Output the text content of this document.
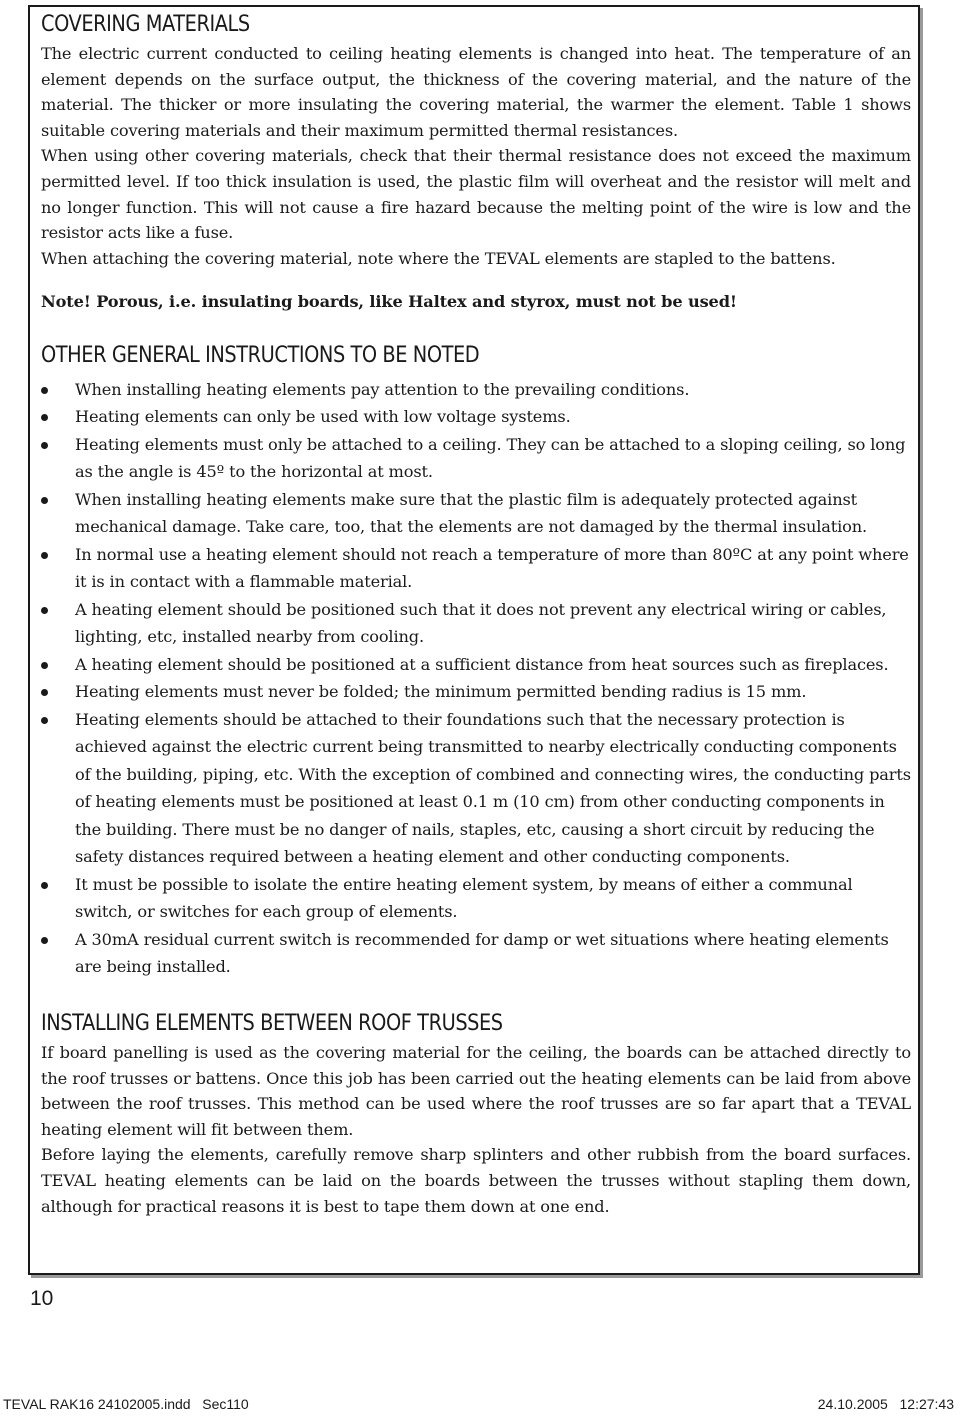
COVERING MATERIALS

The electric current conducted to ceiling heating elements is changed into heat. The temperature of an element depends on the surface output, the thickness of the covering material, and the nature of the material. The thicker or more insulating the covering material, the warmer the element. Table 1 shows suitable covering materials and their maximum permitted thermal resistances.

When using other covering materials, check that their thermal resistance does not exceed the maximum permitted level. If too thick insulation is used, the plastic film will overheat and the resistor will melt and no longer function. This will not cause a fire hazard because the melting point of the wire is low and the resistor acts like a fuse.

When attaching the covering material, note where the TEVAL elements are stapled to the battens.

Note! Porous, i.e. insulating boards, like Haltex and styrox, must not be used!

OTHER GENERAL INSTRUCTIONS TO BE NOTED
When installing heating elements pay attention to the prevailing conditions.
Heating elements can only be used with low voltage systems.
Heating elements must only be attached to a ceiling. They can be attached to a sloping ceiling, so long as the angle is 45º to the horizontal at most.
When installing heating elements make sure that the plastic film is adequately protected against mechanical damage. Take care, too, that the elements are not damaged by the thermal insulation.
In normal use a heating element should not reach a temperature of more than 80ºC at any point where it is in contact with a flammable material.
A heating element should be positioned such that it does not prevent any electrical wiring or cables, lighting, etc, installed nearby from cooling.
A heating element should be positioned at a sufficient distance from heat sources such as fireplaces.
Heating elements must never be folded; the minimum permitted bending radius is 15 mm.
Heating elements should be attached to their foundations such that the necessary protection is achieved against the electric current being transmitted to nearby electrically conducting components of the building, piping, etc. With the exception of combined and connecting wires, the conducting parts of heating elements must be positioned at least 0.1 m (10 cm) from other conducting components in the building. There must be no danger of nails, staples, etc, causing a short circuit by reducing the safety distances required between a heating element and other conducting components.
It must be possible to isolate the entire heating element system, by means of either a communal switch, or switches for each group of elements.
A 30mA residual current switch is recommended for damp or wet situations where heating elements are being installed.
INSTALLING ELEMENTS BETWEEN ROOF TRUSSES

If board panelling is used as the covering material for the ceiling, the boards can be attached directly to the roof trusses or battens. Once this job has been carried out the heating elements can be laid from above between the roof trusses. This method can be used where the roof trusses are so far apart that a TEVAL heating element will fit between them.

Before laying the elements, carefully remove sharp splinters and other rubbish from the board surfaces. TEVAL heating elements can be laid on the boards between the trusses without stapling them down, although for practical reasons it is best to tape them down at one end.

10
TEVAL RAK16 24102005.indd   Sec110	24.10.2005   12:27:43
